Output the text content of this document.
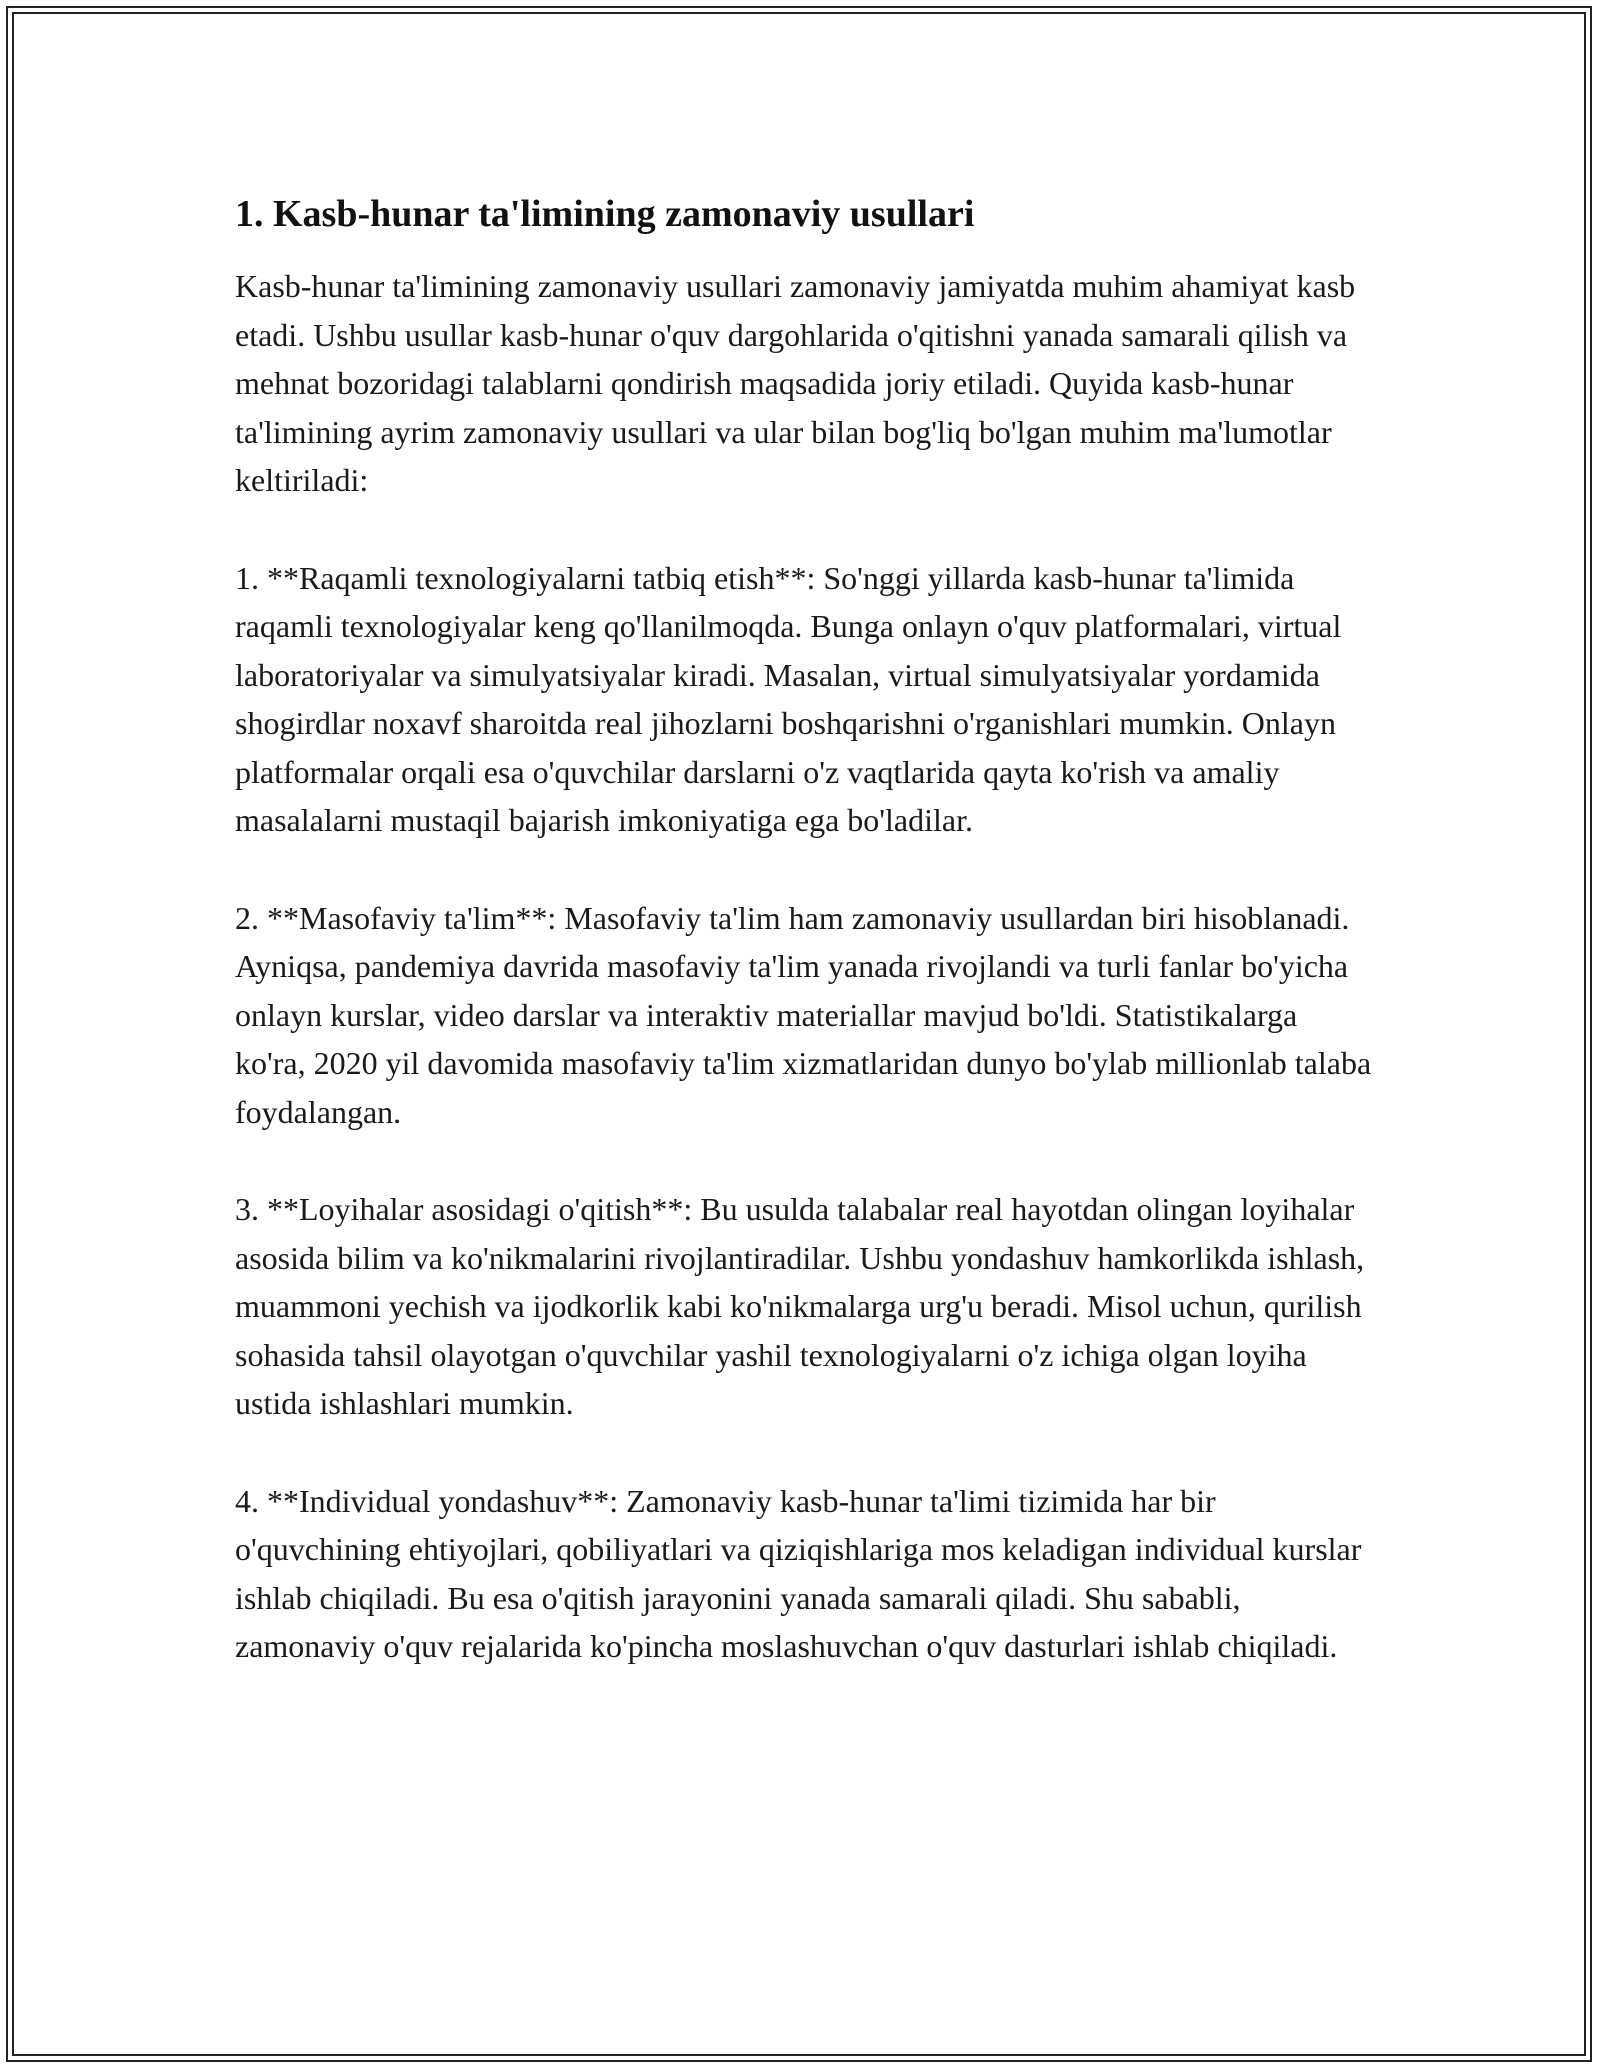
1. Kasb-hunar ta'limining zamonaviy usullari

Kasb-hunar ta'limining zamonaviy usullari zamonaviy jamiyatda muhim ahamiyat kasb etadi. Ushbu usullar kasb-hunar o'quv dargohlarida o'qitishni yanada samarali qilish va mehnat bozoridagi talablarni qondirish maqsadida joriy etiladi. Quyida kasb-hunar ta'limining ayrim zamonaviy usullari va ular bilan bog'liq bo'lgan muhim ma'lumotlar keltiriladi:

1. **Raqamli texnologiyalarni tatbiq etish**: So'nggi yillarda kasb-hunar ta'limida raqamli texnologiyalar keng qo'llanilmoqda. Bunga onlayn o'quv platformalari, virtual laboratoriyalar va simulyatsiyalar kiradi. Masalan, virtual simulyatsiyalar yordamida shogirdlar noxavf sharoitda real jihozlarni boshqarishni o'rganishlari mumkin. Onlayn platformalar orqali esa o'quvchilar darslarni o'z vaqtlarida qayta ko'rish va amaliy masalalarni mustaqil bajarish imkoniyatiga ega bo'ladilar.

2. **Masofaviy ta'lim**: Masofaviy ta'lim ham zamonaviy usullardan biri hisoblanadi. Ayniqsa, pandemiya davrida masofaviy ta'lim yanada rivojlandi va turli fanlar bo'yicha onlayn kurslar, video darslar va interaktiv materiallar mavjud bo'ldi. Statistikalarga ko'ra, 2020 yil davomida masofaviy ta'lim xizmatlaridan dunyo bo'ylab millionlab talaba foydalangan.

3. **Loyihalar asosidagi o'qitish**: Bu usulda talabalar real hayotdan olingan loyihalar asosida bilim va ko'nikmalarini rivojlantiradilar. Ushbu yondashuv hamkorlikda ishlash, muammoni yechish va ijodkorlik kabi ko'nikmalarga urg'u beradi. Misol uchun, qurilish sohasida tahsil olayotgan o'quvchilar yashil texnologiyalarni o'z ichiga olgan loyiha ustida ishlashlari mumkin.

4. **Individual yondashuv**: Zamonaviy kasb-hunar ta'limi tizimida har bir o'quvchining ehtiyojlari, qobiliyatlari va qiziqishlariga mos keladigan individual kurslar ishlab chiqiladi. Bu esa o'qitish jarayonini yanada samarali qiladi. Shu sababli, zamonaviy o'quv rejalarida ko'pincha moslashuvchan o'quv dasturlari ishlab chiqiladi.
